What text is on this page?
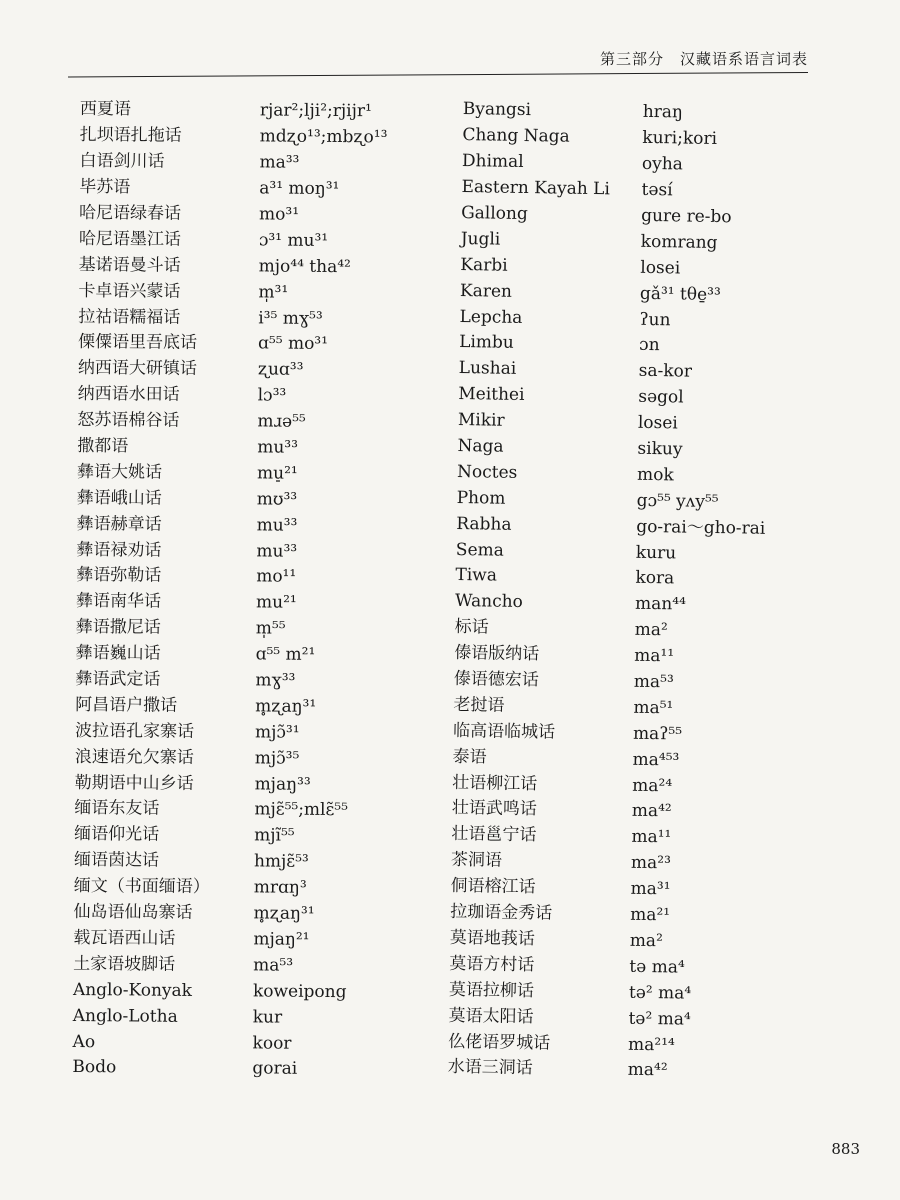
第三部分　汉藏语系语言词表
西夏语	rjar²;lji²;rjijr¹
扎坝语扎拖话	mdʐo¹³;mbʐo¹³
白语剑川话	ma³³
毕苏语	a³¹ moŋ³¹
哈尼语绿春话	mo³¹
哈尼语墨江话	ɔ³¹ mu³¹
基诺语曼斗话	mjo⁴⁴ tha⁴²
卡卓语兴蒙话	m̩³¹
拉祜语糯福话	i³⁵ mɣ⁵³
傈僳语里吾底话	ɑ⁵⁵ mo³¹
纳西语大研镇话	ʐuɑ³³
纳西语水田话	lɔ³³
怒苏语棉谷话	mɹə⁵⁵
撒都语	mu³³
彝语大姚话	mu̠²¹
彝语峨山话	mʊ³³
彝语赫章话	mu³³
彝语禄劝话	mu³³
彝语弥勒话	mo¹¹
彝语南华话	mu²¹
彝语撒尼话	m̩⁵⁵
彝语巍山话	ɑ⁵⁵ m²¹
彝语武定话	mɣ³³
阿昌语户撒话	m̥ʐaŋ³¹
波拉语孔家寨话	mjɔ̃³¹
浪速语允欠寨话	mjɔ̃³⁵
勒期语中山乡话	mjaŋ³³
缅语东友话	mjɛ̃⁵⁵;mlɛ̃⁵⁵
缅语仰光话	mjĩ⁵⁵
缅语茵达话	hmjɛ̃⁵³
缅文（书面缅语）	mrɑŋ³
仙岛语仙岛寨话	m̥ʐaŋ³¹
载瓦语西山话	mjaŋ²¹
土家语坡脚话	ma⁵³
Anglo-Konyak	koweipong
Anglo-Lotha	kur
Ao	koor
Bodo	gorai
Byangsi	hraŋ
Chang Naga	kuri;kori
Dhimal	oyha
Eastern Kayah Li	təsí
Gallong	gure re-bo
Jugli	komrang
Karbi	losei
Karen	gǎ³¹ tθe̱³³
Lepcha	ʔun
Limbu	ɔn
Lushai	sa-kor
Meithei	səgol
Mikir	losei
Naga	sikuy
Noctes	mok
Phom	gɔ⁵⁵ yʌy⁵⁵
Rabha	go-rai～gho-rai
Sema	kuru
Tiwa	kora
Wancho	man⁴⁴
标话	ma²
傣语版纳话	ma¹¹
傣语德宏话	ma⁵³
老挝语	ma⁵¹
临高语临城话	maʔ⁵⁵
泰语	ma⁴⁵³
壮语柳江话	ma²⁴
壮语武鸣话	ma⁴²
壮语邕宁话	ma¹¹
茶洞语	ma²³
侗语榕江话	ma³¹
拉珈语金秀话	ma²¹
莫语地莪话	ma²
莫语方村话	tə ma⁴
莫语拉柳话	tə² ma⁴
莫语太阳话	tə² ma⁴
仫佬语罗城话	ma²¹⁴
水语三洞话	ma⁴²
883
